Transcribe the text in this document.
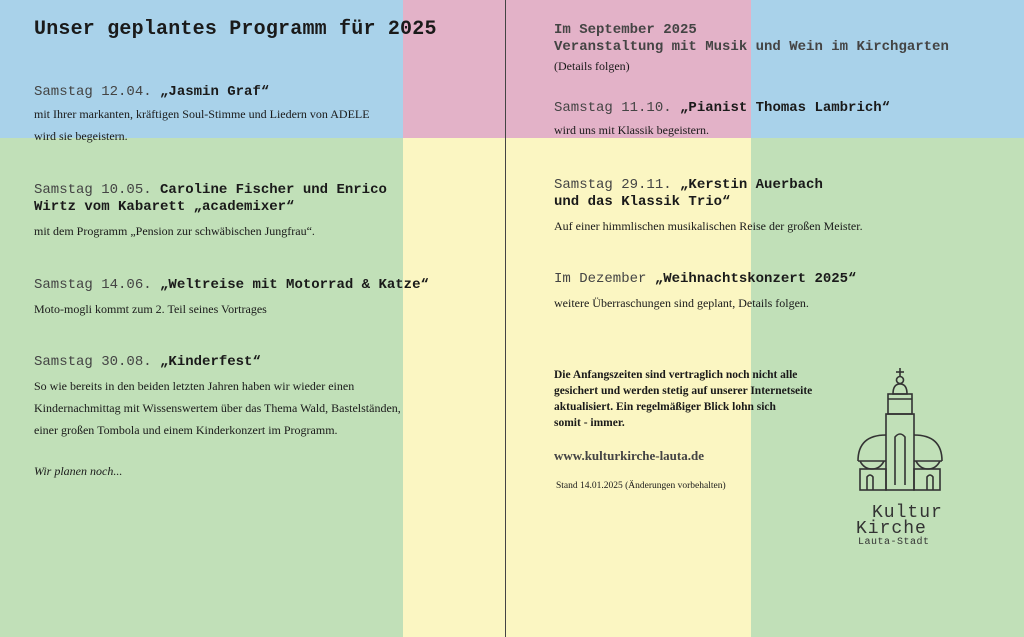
Unser geplantes Programm für 2025
Samstag 12.04. „Jasmin Graf“
mit Ihrer markanten, kräftigen Soul-Stimme und Liedern von ADELE
wird sie begeistern.
Samstag 10.05. Caroline Fischer und Enrico
Wirtz vom Kabarett „academixer“
mit dem Programm „Pension zur schwäbischen Jungfrau“.
Samstag 14.06. „Weltreise mit Motorrad & Katze“
Moto-mogli kommt zum 2. Teil seines Vortrages
Samstag 30.08. „Kinderfest“
So wie bereits in den beiden letzten Jahren haben wir wieder einen
Kindernachmittag mit Wissenswertem über das Thema Wald, Bastelständen,
einer großen Tombola und einem Kinderkonzert im Programm.
Wir planen noch...
Im September 2025
Veranstaltung mit Musik und Wein im Kirchgarten
(Details folgen)
Samstag 11.10. „Pianist Thomas Lambrich“
wird uns mit Klassik begeistern.
Samstag 29.11. „Kerstin Auerbach
und das Klassik Trio“
Auf einer himmlischen musikalischen Reise der großen Meister.
Im Dezember „Weihnachtskonzert 2025“
weitere Überraschungen sind geplant, Details folgen.
Die Anfangszeiten sind vertraglich noch nicht alle
gesichert und werden stetig auf unserer Internetseite
aktualisiert. Ein regelmäßiger Blick lohn sich
somit - immer.
www.kulturkirche-lauta.de
Stand 14.01.2025 (Änderungen vorbehalten)
Kultur
Kirche
Lauta-Stadt
